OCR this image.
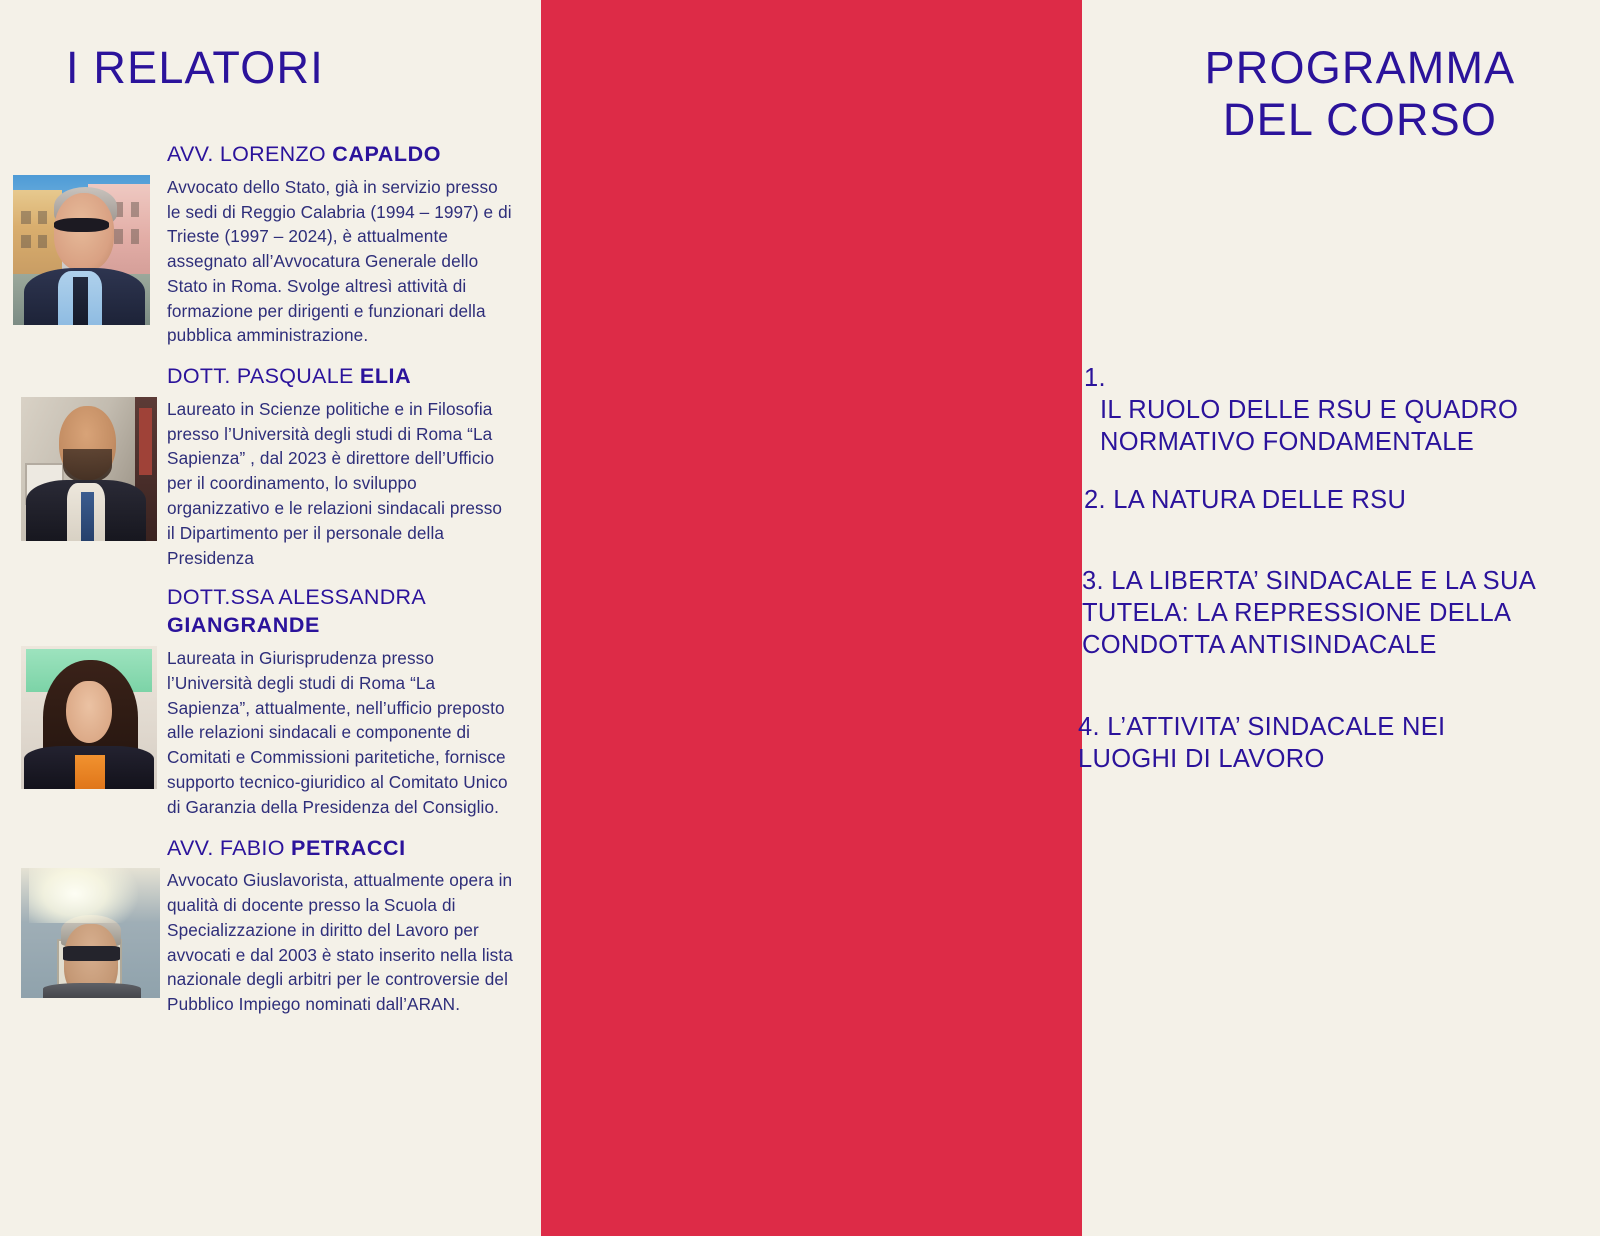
I RELATORI
AVV. LORENZO CAPALDO

Avvocato dello Stato, già in servizio presso le sedi di Reggio Calabria (1994 – 1997) e di Trieste (1997 – 2024), è attualmente assegnato all’Avvocatura Generale dello Stato in Roma. Svolge altresì attività di formazione per dirigenti e funzionari della pubblica amministrazione.

DOTT. PASQUALE ELIA

Laureato in Scienze politiche e in Filosofia presso l’Università degli studi di Roma “La Sapienza” , dal 2023 è direttore dell’Ufficio per il coordinamento, lo sviluppo organizzativo e le relazioni sindacali presso il Dipartimento per il personale della Presidenza

DOTT.SSA ALESSANDRA GIANGRANDE

Laureata in Giurisprudenza presso l’Università degli studi di Roma “La Sapienza”, attualmente, nell’ufficio preposto alle relazioni sindacali e componente di Comitati e Commissioni paritetiche, fornisce supporto tecnico-giuridico al Comitato Unico di Garanzia della Presidenza del Consiglio.

AVV. FABIO PETRACCI

Avvocato Giuslavorista, attualmente opera in qualità di docente presso la Scuola di Specializzazione in diritto del Lavoro per avvocati e dal 2003 è stato inserito nella lista nazionale degli arbitri per le controversie del Pubblico Impiego nominati dall’ARAN.

PROGRAMMA
DEL CORSO

1.IL RUOLO DELLE RSU E QUADRO NORMATIVO FONDAMENTALE

2. LA NATURA DELLE RSU

3. LA LIBERTA’ SINDACALE E LA SUA TUTELA: LA REPRESSIONE DELLA CONDOTTA ANTISINDACALE

4. L’ATTIVITA’ SINDACALE NEI LUOGHI DI LAVORO
